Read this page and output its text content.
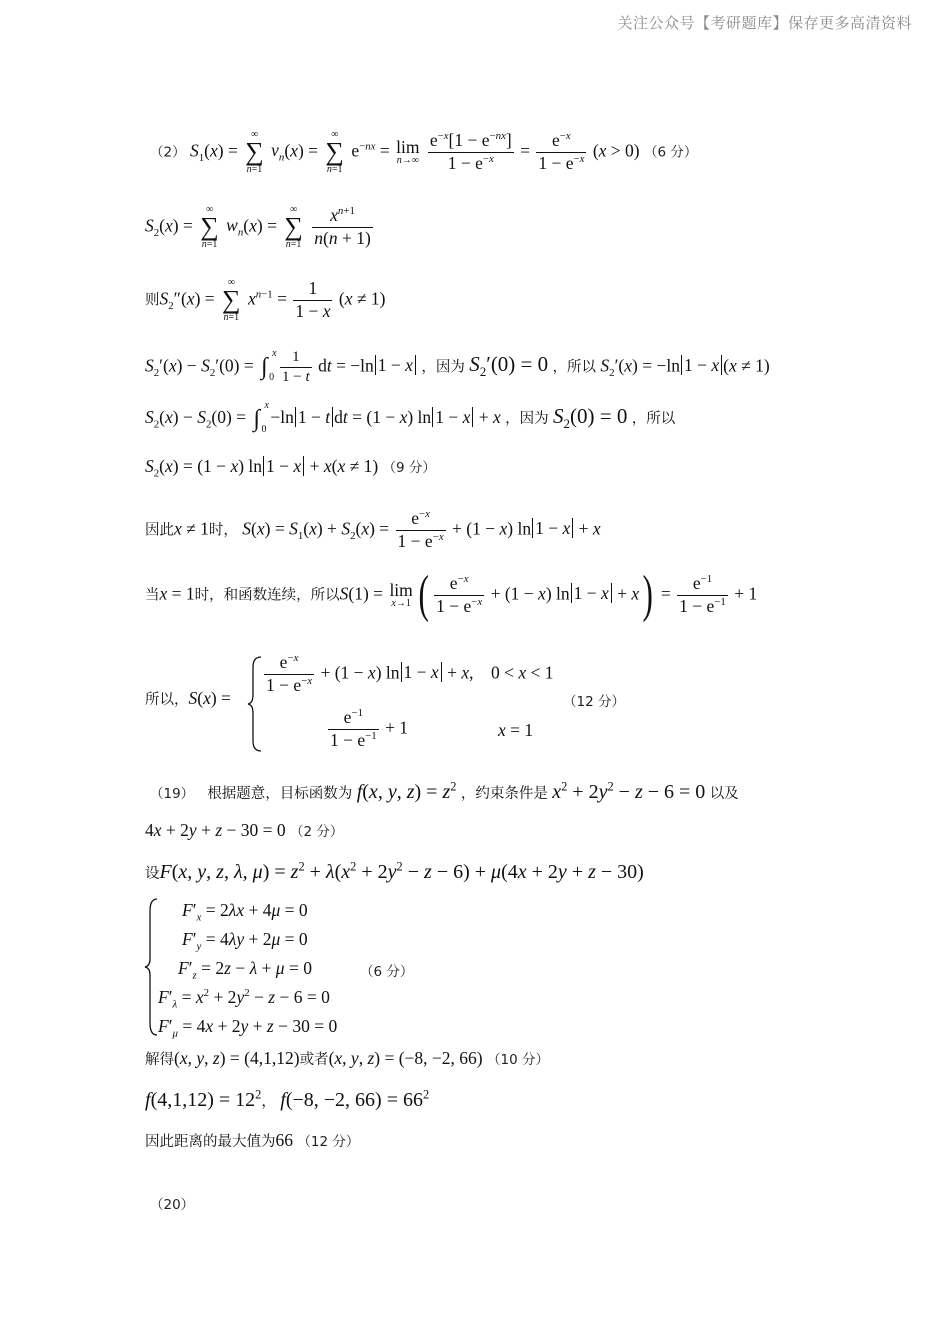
关注公众号【考研题库】保存更多高清资料
（2） $S_1(x)$ =
∞
∑
n=1
$v_n(x)$ =
∞
∑
n=1
$e^{-nx} = \lim$
n→∞
$\frac{e^{-x}[1 - e^{-nx}]}{1 - e^{-x}} = \frac{e^{-x}}{1 - e^{-x}} (x > 0)$ （6 分）
$S_2(x)$ =
∞
∑
n=1
$w_n(x)$ =
∞
∑
n=1
$\frac{x^{n+1}}{n(n + 1)}$
则$S_2''(x)$ =
∞
∑
n=1
$x^{n-1} = \frac{1}{1 - x} (x \ne 1)$
$S_2'(x) - S_2'(0)$ = ∫
x
0
$\frac{1}{1 - t}$ dt = −ln 1 − x ，因为 $S_2'(0) = 0$ ，所以 $S_2'(x) = -\ln$ 1 − x (x ≠ 1)
$S_2(x) - S_2(0)$ = ∫
x
0
−ln 1 − t dt = (1 − x) ln 1 − x + x ，因为 $S_2(0) = 0$ ，所以
$S_2(x) = (1 - x)$ ln 1 − x + x(x ≠ 1) （9 分）
因此x ≠ 1时， $S(x) = S_1(x) + S_2(x) = \frac{e^{-x}}{1 - e^{-x}} + (1 - x)$ ln 1 − x + x
当x = 1时，和函数连续，所以S(1) = lim
x→1 ( $\frac{e^{-x}}{1 - e^{-x}} + (1 - x)$ $\ln 1 - x + x) = \frac{e^{-1}}{1 - e^{-1}} + 1$
所以，S(x) =
$\frac{e^{-x}}{1 - e^{-x}} + (1 - x)$ ln 1 − x + x,    0 < x < 1
$\frac{e^{-1}}{1 - e^{-1}} + 1$	x = 1
（12 分）
（19） 根据题意，目标函数为 f(x, y, $z) = z^2$ ，约束条件是 $x^2 + 2y^2 - z - 6 = 0$ 以及
4x + 2y + z − 30 = 0 （2 分）
设F(x, y, z, λ, $\mu) = z^2 + \lambda(x^2 + 2y^2 - z - 6) + \mu(4x + 2y + z - 30)$
$F'_x = 2\lambda x + 4\mu = 0$
$F'_y = 4\lambda y + 2\mu = 0$
$F'_z = 2z - \lambda + \mu = 0$	（6 分）
$F'_\lambda = x^2 + 2y^2 - z - 6 = 0$
$F'_\mu = 4x + 2y + z - 30 = 0$
解得(x, y, z) = (4,1,12)或者(x, y, z) = (−8, −2, 66) （10 分）
$f(4,1,12) = 12^2$， f(−8, −2, $66) = 66^2$
因此距离的最大值为66 （12 分）
（20）
